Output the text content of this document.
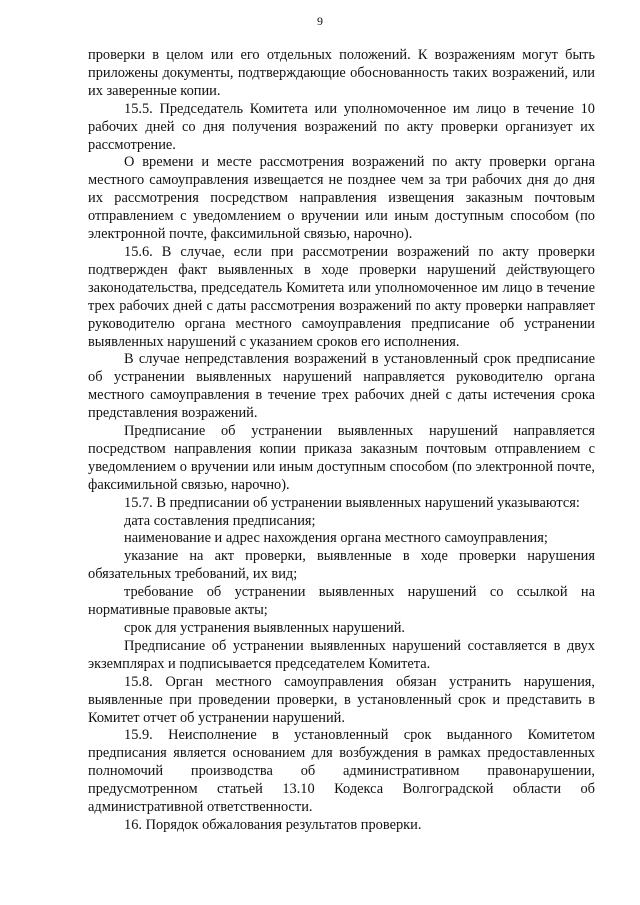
9

проверки в целом или его отдельных положений. К возражениям могут быть приложены документы, подтверждающие обоснованность таких возражений, или их заверенные копии.

15.5. Председатель Комитета или уполномоченное им лицо в течение 10 рабочих дней со дня получения возражений по акту проверки организует их рассмотрение.

О времени и месте рассмотрения возражений по акту проверки органа местного самоуправления извещается не позднее чем за три рабочих дня до дня их рассмотрения посредством направления извещения заказным почтовым отправлением с уведомлением о вручении или иным доступным способом (по электронной почте, факсимильной связью, нарочно).

15.6. В случае, если при рассмотрении возражений по акту проверки подтвержден факт выявленных в ходе проверки нарушений действующего законодательства, председатель Комитета или уполномоченное им лицо в течение трех рабочих дней с даты рассмотрения возражений по акту проверки направляет руководителю органа местного самоуправления предписание об устранении выявленных нарушений с указанием сроков его исполнения.

В случае непредставления возражений в установленный срок предписание об устранении выявленных нарушений направляется руководителю органа местного самоуправления в течение трех рабочих дней с даты истечения срока представления возражений.

Предписание об устранении выявленных нарушений направляется посредством направления копии приказа заказным почтовым отправлением с уведомлением о вручении или иным доступным способом (по электронной почте, факсимильной связью, нарочно).

15.7. В предписании об устранении выявленных нарушений указываются:

дата составления предписания;

наименование и адрес нахождения органа местного самоуправления;

указание на акт проверки, выявленные в ходе проверки нарушения обязательных требований, их вид;

требование об устранении выявленных нарушений со ссылкой на нормативные правовые акты;

срок для устранения выявленных нарушений.

Предписание об устранении выявленных нарушений составляется в двух экземплярах и подписывается председателем Комитета.

15.8. Орган местного самоуправления обязан устранить нарушения, выявленные при проведении проверки, в установленный срок и представить в Комитет отчет об устранении нарушений.

15.9. Неисполнение в установленный срок выданного Комитетом предписания является основанием для возбуждения в рамках предоставленных полномочий производства об административном правонарушении, предусмотренном статьей 13.10 Кодекса Волгоградской области об административной ответственности.

16. Порядок обжалования результатов проверки.
